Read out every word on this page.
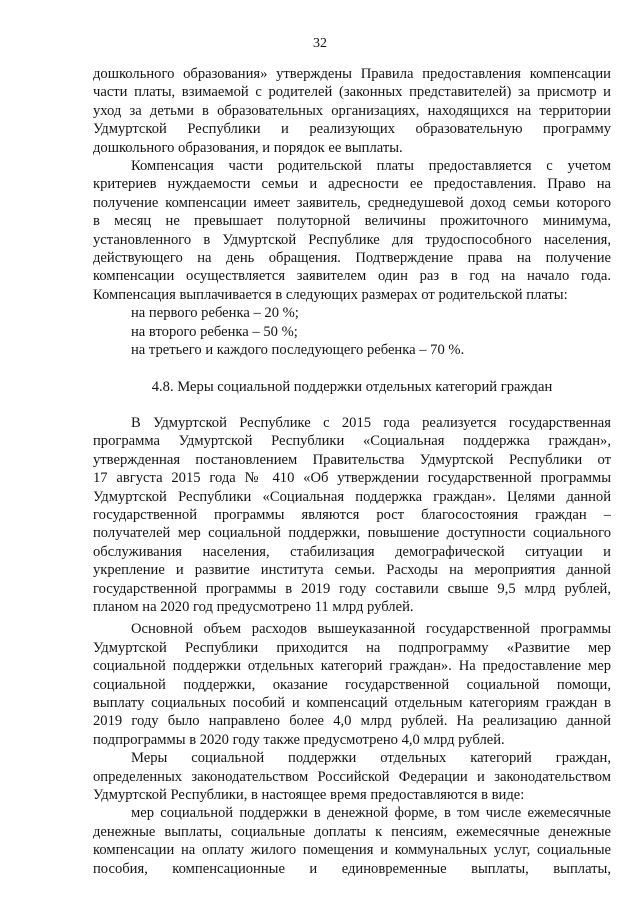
32
дошкольного образования» утверждены Правила предоставления компенсации
части платы, взимаемой с родителей (законных представителей) за присмотр и
уход за детьми в образовательных организациях, находящихся на территории
Удмуртской Республики и реализующих образовательную программу
дошкольного образования, и порядок ее выплаты.
Компенсация части родительской платы предоставляется с учетом
критериев нуждаемости семьи и адресности ее предоставления. Право на
получение компенсации имеет заявитель, среднедушевой доход семьи которого
в месяц не превышает полуторной величины прожиточного минимума,
установленного в Удмуртской Республике для трудоспособного населения,
действующего на день обращения. Подтверждение права на получение
компенсации осуществляется заявителем один раз в год на начало года.
Компенсация выплачивается в следующих размерах от родительской платы:
на первого ребенка – 20 %;
на второго ребенка – 50 %;
на третьего и каждого последующего ребенка – 70 %.
4.8. Меры социальной поддержки отдельных категорий граждан
В Удмуртской Республике с 2015 года реализуется государственная
программа Удмуртской Республики «Социальная поддержка граждан»,
утвержденная постановлением Правительства Удмуртской Республики от
17 августа 2015 года № 410 «Об утверждении государственной программы
Удмуртской Республики «Социальная поддержка граждан». Целями данной
государственной программы являются рост благосостояния граждан –
получателей мер социальной поддержки, повышение доступности социального
обслуживания населения, стабилизация демографической ситуации и
укрепление и развитие института семьи. Расходы на мероприятия данной
государственной программы в 2019 году составили свыше 9,5 млрд рублей,
планом на 2020 год предусмотрено 11 млрд рублей.
Основной объем расходов вышеуказанной государственной программы
Удмуртской Республики приходится на подпрограмму «Развитие мер
социальной поддержки отдельных категорий граждан». На предоставление мер
социальной поддержки, оказание государственной социальной помощи,
выплату социальных пособий и компенсаций отдельным категориям граждан в
2019 году было направлено более 4,0 млрд рублей. На реализацию данной
подпрограммы в 2020 году также предусмотрено 4,0 млрд рублей.
Меры социальной поддержки отдельных категорий граждан,
определенных законодательством Российской Федерации и законодательством
Удмуртской Республики, в настоящее время предоставляются в виде:
мер социальной поддержки в денежной форме, в том числе ежемесячные
денежные выплаты, социальные доплаты к пенсиям, ежемесячные денежные
компенсации на оплату жилого помещения и коммунальных услуг, социальные
пособия, компенсационные и единовременные выплаты, выплаты,
